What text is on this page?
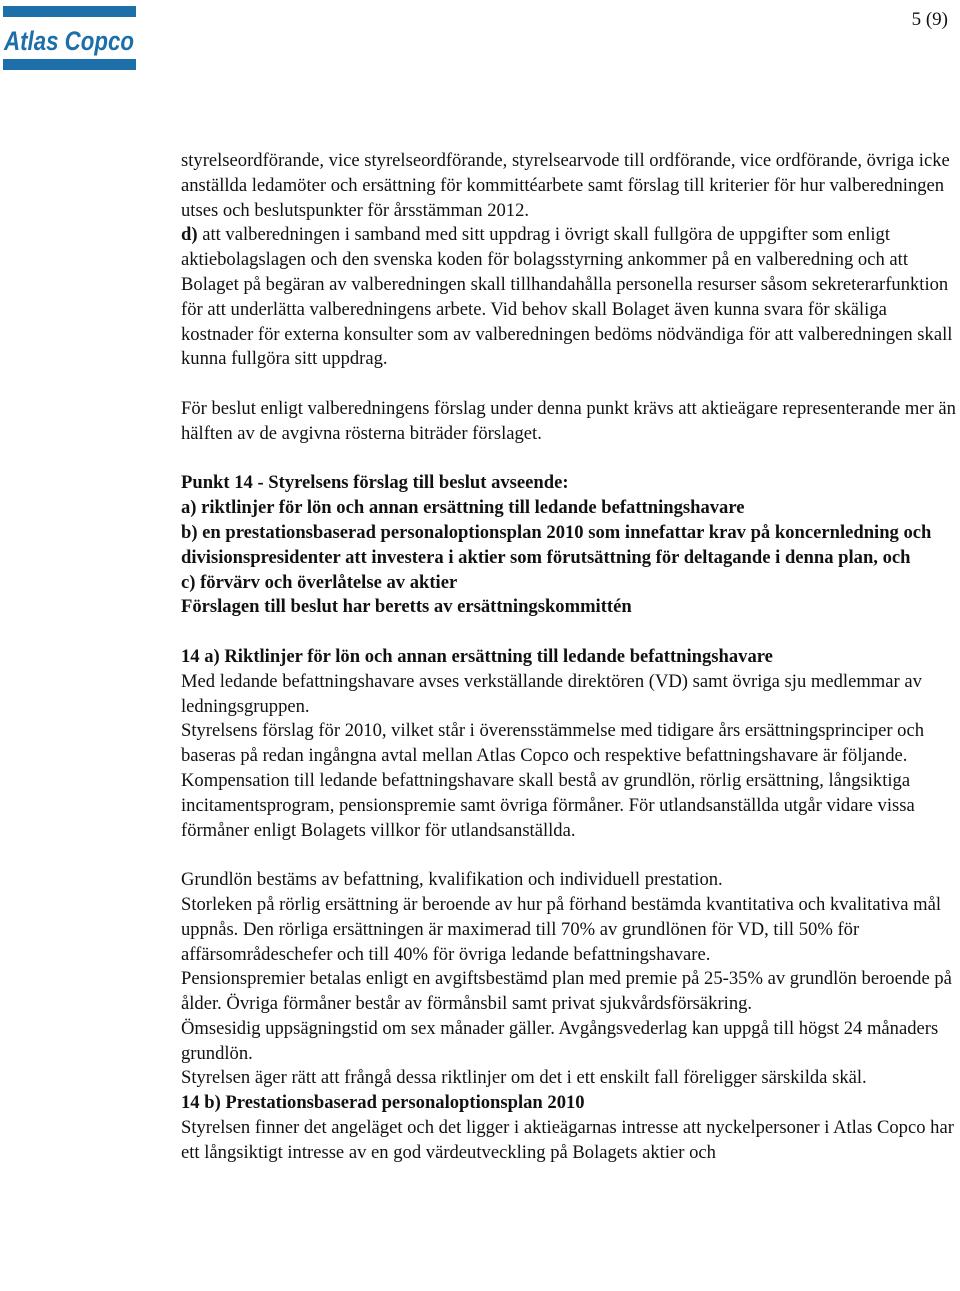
Atlas Copco
5 (9)

styrelseordförande, vice styrelseordförande, styrelsearvode till ordförande, vice ordförande, övriga icke anställda ledamöter och ersättning för kommittéarbete samt förslag till kriterier för hur valberedningen utses och beslutspunkter för årsstämman 2012.

d) att valberedningen i samband med sitt uppdrag i övrigt skall fullgöra de uppgifter som enligt aktiebolagslagen och den svenska koden för bolagsstyrning ankommer på en valberedning och att Bolaget på begäran av valberedningen skall tillhandahålla personella resurser såsom sekreterarfunktion för att underlätta valberedningens arbete. Vid behov skall Bolaget även kunna svara för skäliga kostnader för externa konsulter som av valberedningen bedöms nödvändiga för att valberedningen skall kunna fullgöra sitt uppdrag.

För beslut enligt valberedningens förslag under denna punkt krävs att aktieägare representerande mer än hälften av de avgivna rösterna biträder förslaget.

Punkt 14 - Styrelsens förslag till beslut avseende:

a) riktlinjer för lön och annan ersättning till ledande befattningshavare

b) en prestationsbaserad personaloptionsplan 2010 som innefattar krav på koncernledning och divisionspresidenter att investera i aktier som förutsättning för deltagande i denna plan, och

c) förvärv och överlåtelse av aktier

Förslagen till beslut har beretts av ersättningskommittén

14 a) Riktlinjer för lön och annan ersättning till ledande befattningshavare

Med ledande befattningshavare avses verkställande direktören (VD) samt övriga sju medlemmar av ledningsgruppen.

Styrelsens förslag för 2010, vilket står i överensstämmelse med tidigare års ersättningsprinciper och baseras på redan ingångna avtal mellan Atlas Copco och respektive befattningshavare är följande.

Kompensation till ledande befattningshavare skall bestå av grundlön, rörlig ersättning, långsiktiga incitamentsprogram, pensionspremie samt övriga förmåner. För utlandsanställda utgår vidare vissa förmåner enligt Bolagets villkor för utlandsanställda.

Grundlön bestäms av befattning, kvalifikation och individuell prestation.

Storleken på rörlig ersättning är beroende av hur på förhand bestämda kvantitativa och kvalitativa mål uppnås. Den rörliga ersättningen är maximerad till 70% av grundlönen för VD, till 50% för affärsområdeschefer och till 40% för övriga ledande befattningshavare.

Pensionspremier betalas enligt en avgiftsbestämd plan med premie på 25-35% av grundlön beroende på ålder. Övriga förmåner består av förmånsbil samt privat sjukvårdsförsäkring.

Ömsesidig uppsägningstid om sex månader gäller. Avgångsvederlag kan uppgå till högst 24 månaders grundlön.

Styrelsen äger rätt att frångå dessa riktlinjer om det i ett enskilt fall föreligger särskilda skäl.

14 b) Prestationsbaserad personaloptionsplan 2010

Styrelsen finner det angeläget och det ligger i aktieägarnas intresse att nyckelpersoner i Atlas Copco har ett långsiktigt intresse av en god värdeutveckling på Bolagets aktier och
